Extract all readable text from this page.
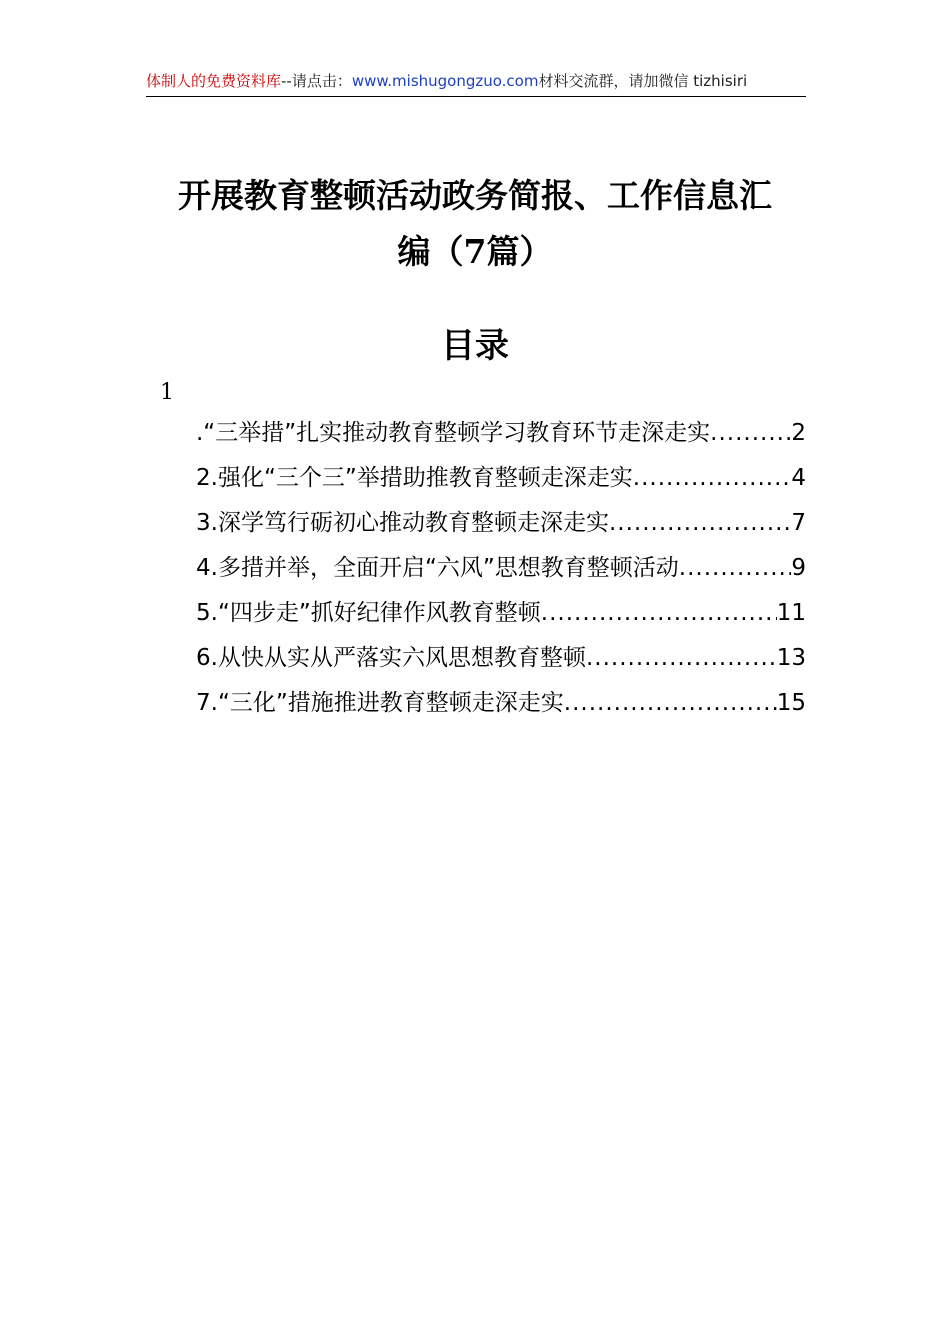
体制人的免费资料库--请点击：www.mishugongzuo.com材料交流群，请加微信 tizhisiri
开展教育整顿活动政务简报、工作信息汇
编（7篇）
目录
1
.“三举措”扎实推动教育整顿学习教育环节走深走实 .....	2
2.强化“三个三”举措助推教育整顿走深走实 .....	4
3.深学笃行砺初心推动教育整顿走深走实 .....	7
4.多措并举，全面开启“六风”思想教育整顿活动 .....	9
5.“四步走”抓好纪律作风教育整顿 .....	11
6.从快从实从严落实六风思想教育整顿 .....	13
7.“三化”措施推进教育整顿走深走实 .....	15
